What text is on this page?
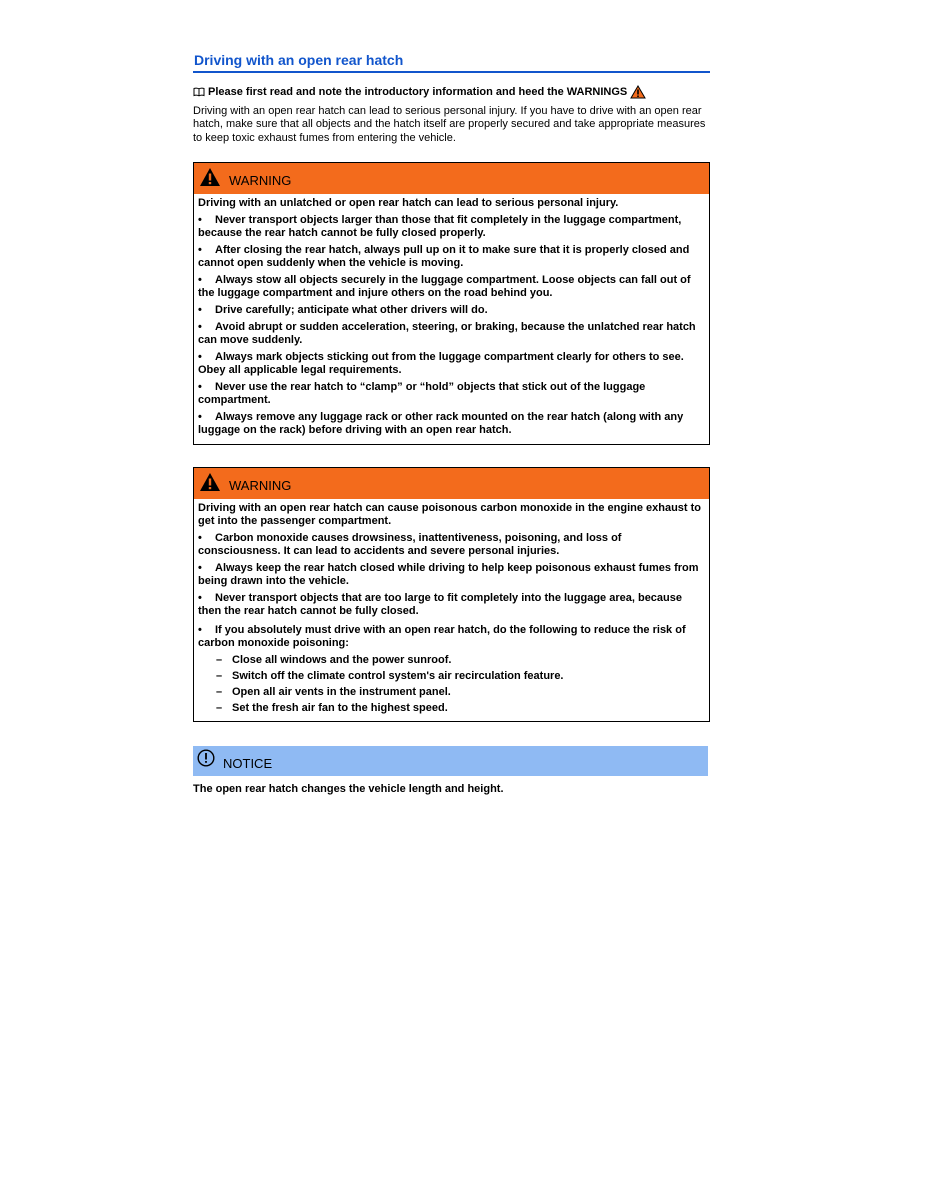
Driving with an open rear hatch
Please first read and note the introductory information and heed the WARNINGS
Driving with an open rear hatch can lead to serious personal injury. If you have to drive with an open rear hatch, make sure that all objects and the hatch itself are properly secured and take appropriate measures to keep toxic exhaust fumes from entering the vehicle.
WARNING

Driving with an unlatched or open rear hatch can lead to serious personal injury.

• Never transport objects larger than those that fit completely in the luggage compartment, because the rear hatch cannot be fully closed properly.
• After closing the rear hatch, always pull up on it to make sure that it is properly closed and cannot open suddenly when the vehicle is moving.
• Always stow all objects securely in the luggage compartment. Loose objects can fall out of the luggage compartment and injure others on the road behind you.
• Drive carefully; anticipate what other drivers will do.
• Avoid abrupt or sudden acceleration, steering, or braking, because the unlatched rear hatch can move suddenly.
• Always mark objects sticking out from the luggage compartment clearly for others to see. Obey all applicable legal requirements.
• Never use the rear hatch to “clamp” or “hold” objects that stick out of the luggage compartment.
• Always remove any luggage rack or other rack mounted on the rear hatch (along with any luggage on the rack) before driving with an open rear hatch.
WARNING

Driving with an open rear hatch can cause poisonous carbon monoxide in the engine exhaust to get into the passenger compartment.

• Carbon monoxide causes drowsiness, inattentiveness, poisoning, and loss of consciousness. It can lead to accidents and severe personal injuries.
• Always keep the rear hatch closed while driving to help keep poisonous exhaust fumes from being drawn into the vehicle.
• Never transport objects that are too large to fit completely into the luggage area, because then the rear hatch cannot be fully closed.
• If you absolutely must drive with an open rear hatch, do the following to reduce the risk of carbon monoxide poisoning:
– Close all windows and the power sunroof.
– Switch off the climate control system's air recirculation feature.
– Open all air vents in the instrument panel.
– Set the fresh air fan to the highest speed.
NOTICE
The open rear hatch changes the vehicle length and height.
